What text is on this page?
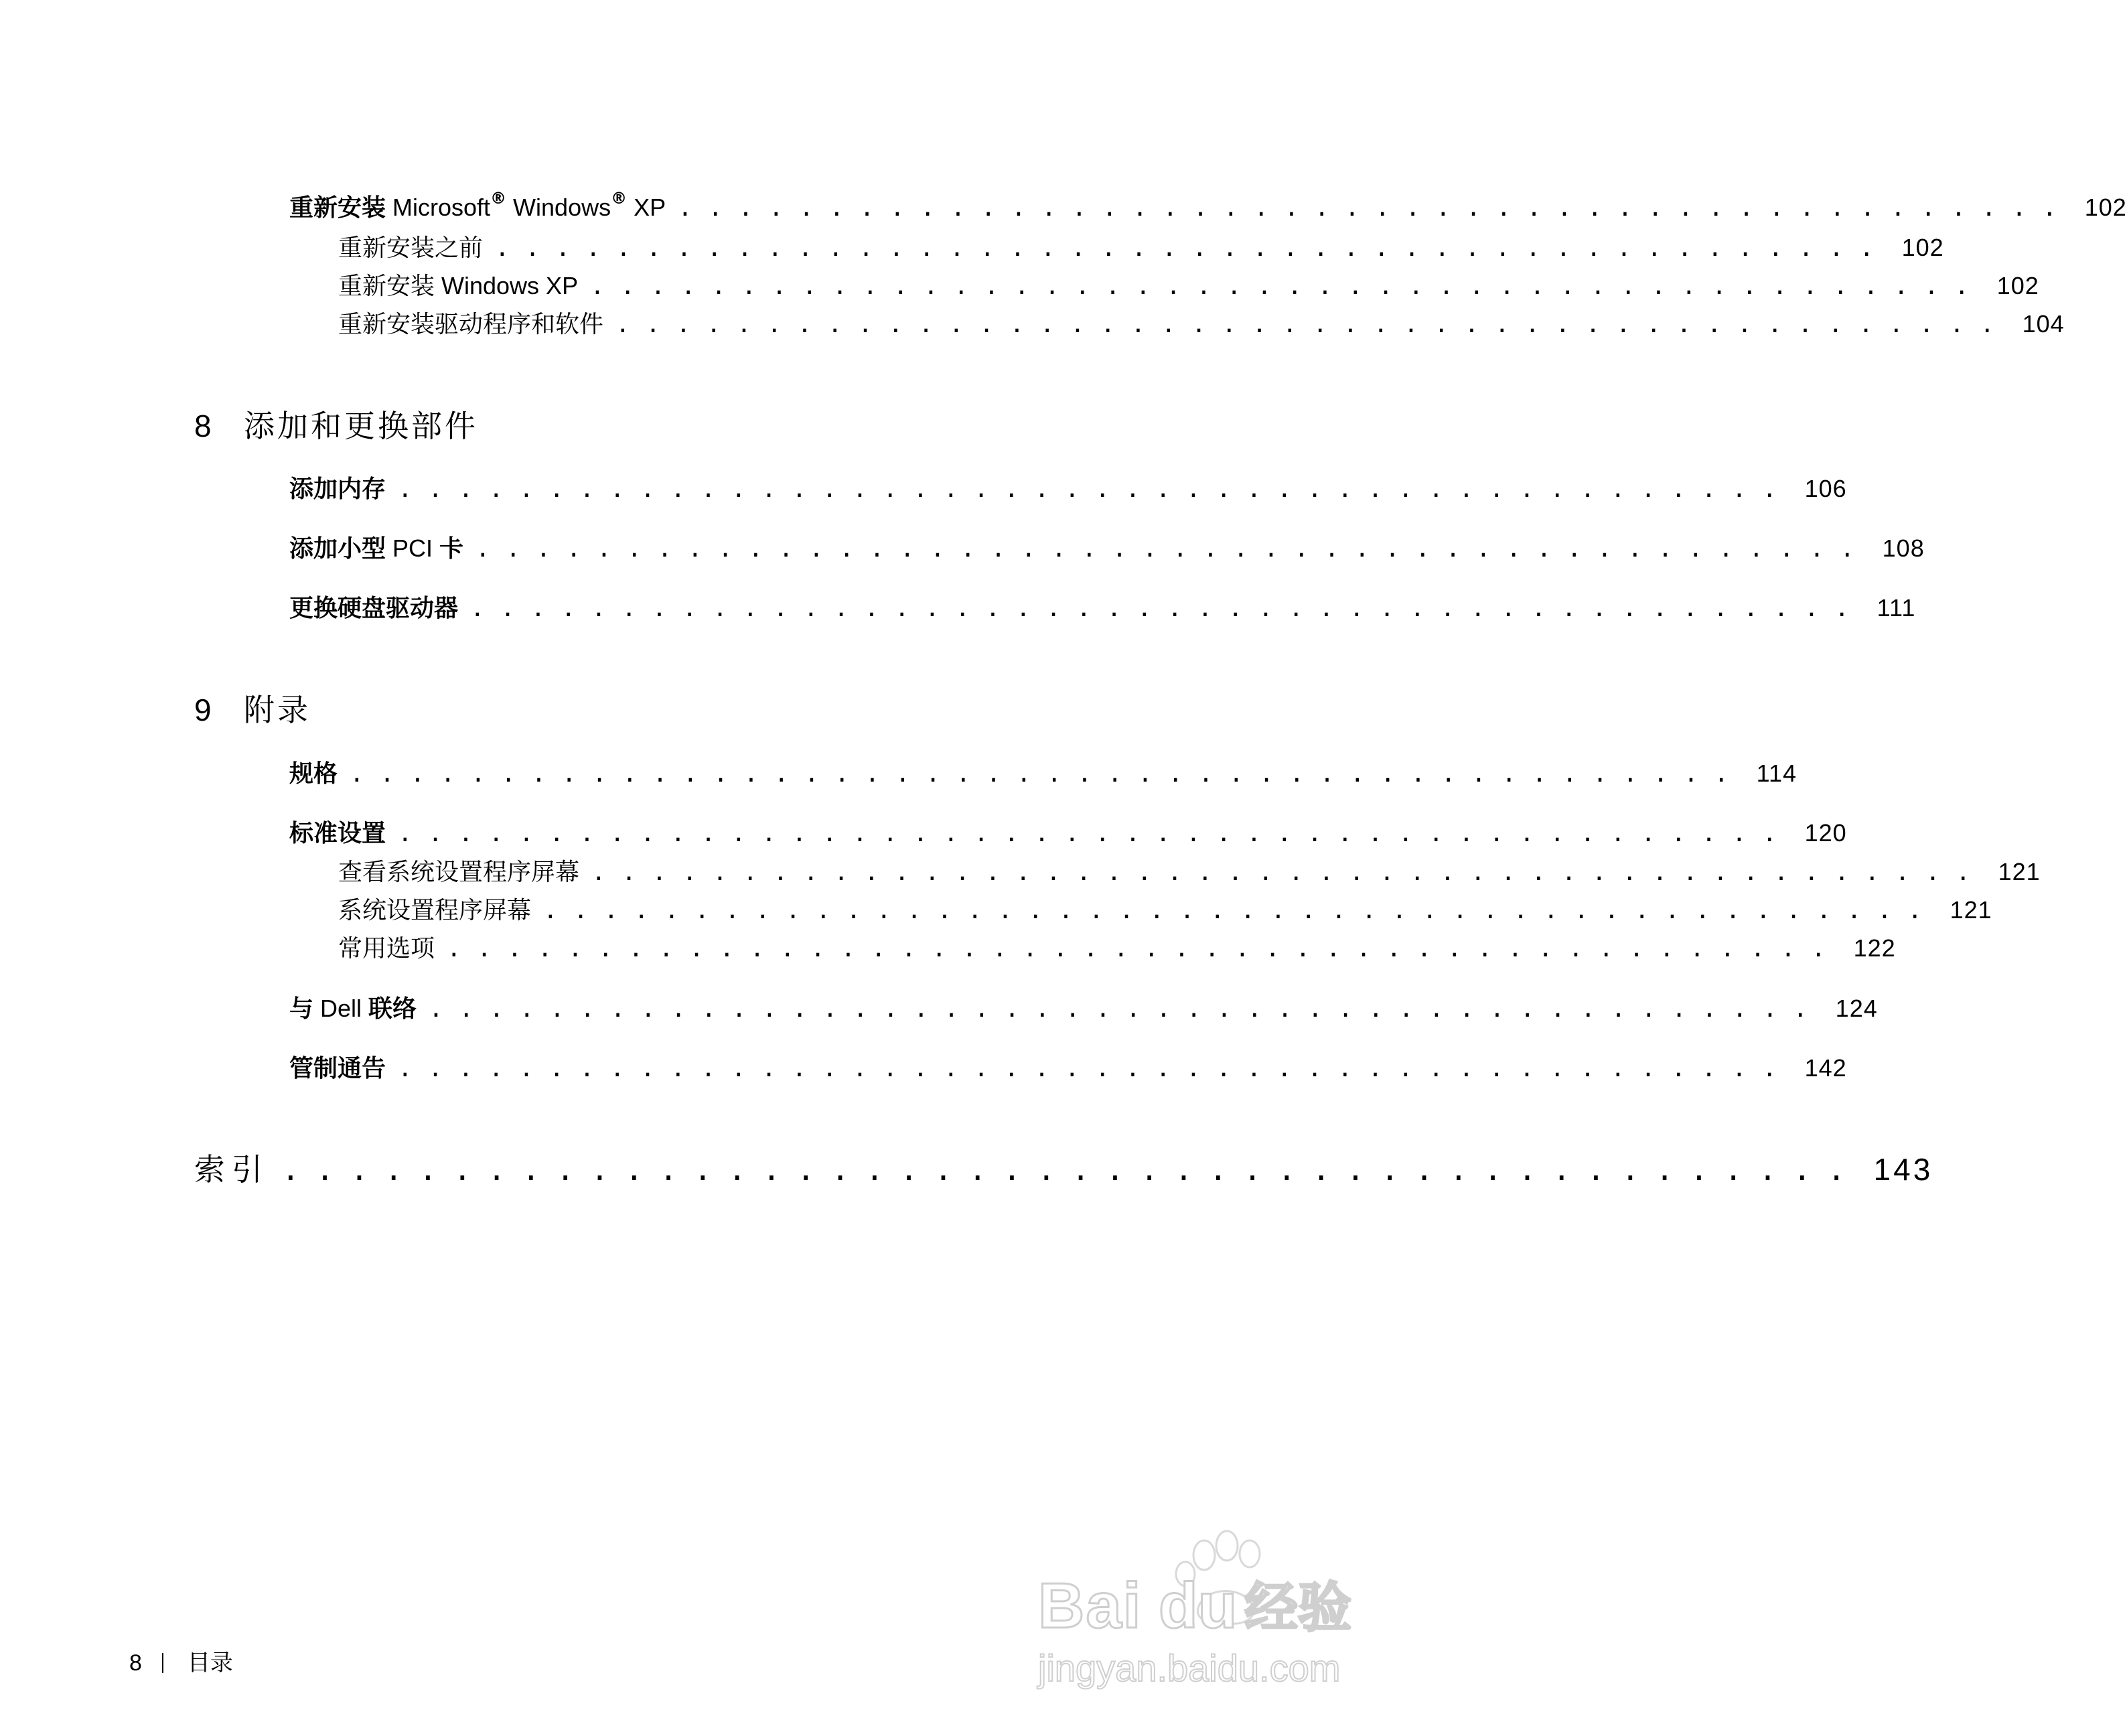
重新安装 Microsoft® Windows® XP .............................................. 102
重新安装之前 .............................................. 102
重新安装 Windows XP .............................................. 102
重新安装驱动程序和软件 .............................................. 104
8 添加和更换部件
添加内存 .............................................. 106
添加小型 PCI 卡 .............................................. 108
更换硬盘驱动器 .............................................. 111
9 附录
规格 .............................................. 114
标准设置 .............................................. 120
查看系统设置程序屏幕 .............................................. 121
系统设置程序屏幕 .............................................. 121
常用选项 .............................................. 122
与 Dell 联络 .............................................. 124
管制通告 .............................................. 142
索引 .............................................. 143
8 目录
Bai du 经验
jingyan.baidu.com
